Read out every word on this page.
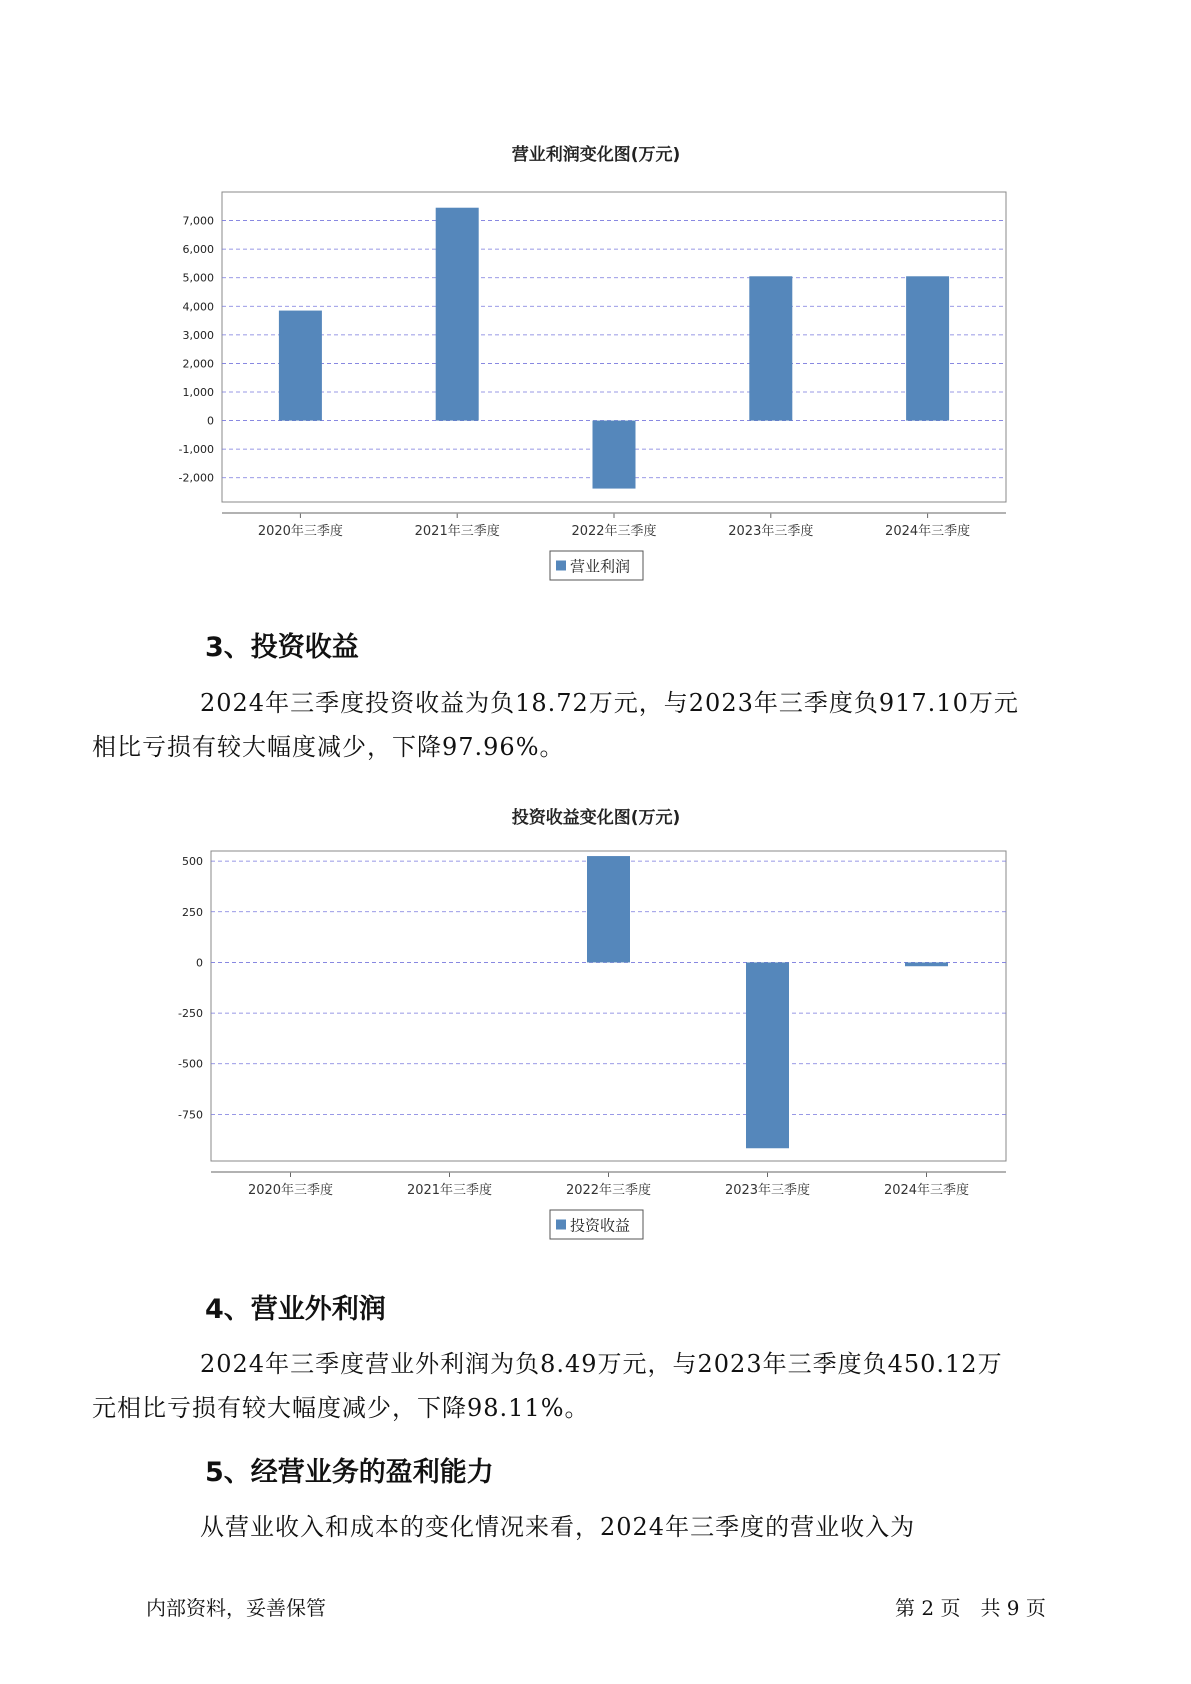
营业利润变化图(万元)
7,000
6,000
5,000
4,000
3,000
2,000
1,000
0
-1,000
-2,000
2020年三季度	2021年三季度	2022年三季度	2023年三季度	2024年三季度
营业利润
3、投资收益

2024年三季度投资收益为负18.72万元，与2023年三季度负917.10万元
相比亏损有较大幅度减少，下降97.96%。

投资收益变化图(万元)
500
250
0
-250
-500
-750
2020年三季度	2021年三季度	2022年三季度	2023年三季度	2024年三季度
投资收益
4、营业外利润

2024年三季度营业外利润为负8.49万元，与2023年三季度负450.12万
元相比亏损有较大幅度减少，下降98.11%。

5、经营业务的盈利能力

从营业收入和成本的变化情况来看，2024年三季度的营业收入为

内部资料，妥善保管	第 2 页　共 9 页
